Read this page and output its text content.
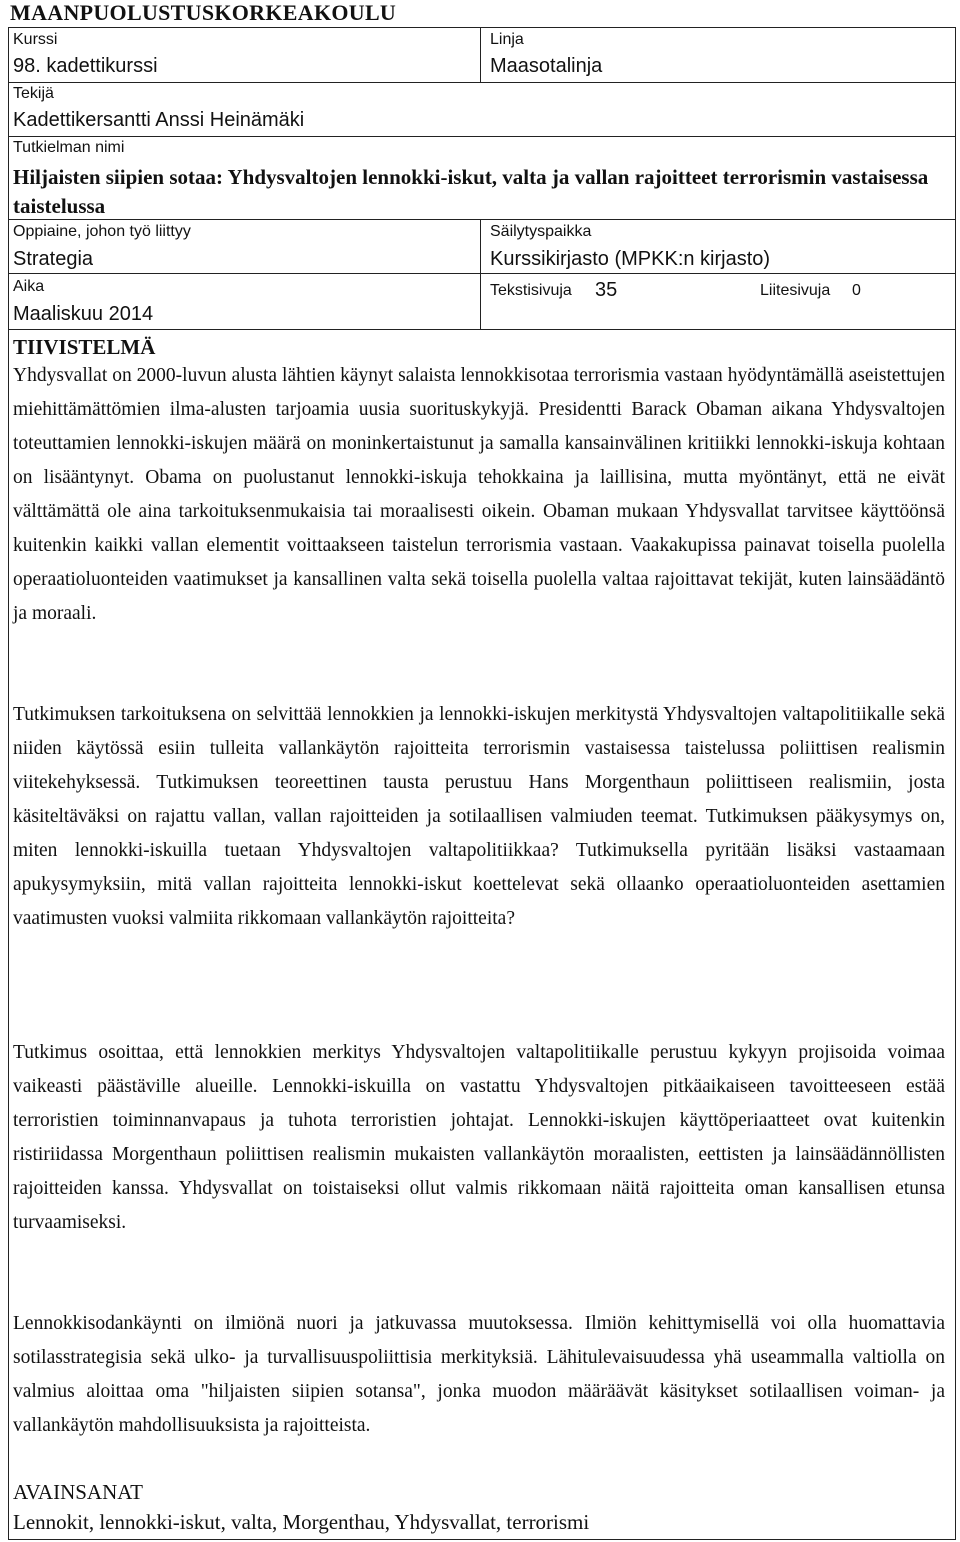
MAANPUOLUSTUSKORKEAKOULU
Kurssi
98. kadettikurssi
Linja
Maasotalinja
Tekijä
Kadettikersantti Anssi Heinämäki
Tutkielman nimi
Hiljaisten siipien sotaa: Yhdysvaltojen lennokki-iskut, valta ja vallan rajoitteet terrorismin vastaisessa taistelussa
Oppiaine, johon työ liittyy
Strategia
Säilytyspaikka
Kurssikirjasto (MPKK:n kirjasto)
Aika
Maaliskuu 2014
Tekstisivuja 35	Liitesivuja 0
TIIVISTELMÄ

Yhdysvallat on 2000-luvun alusta lähtien käynyt salaista lennokkisotaa terrorismia vastaan hyödyntämällä aseistettujen miehittämättömien ilma-alusten tarjoamia uusia suorituskykyjä. Presidentti Barack Obaman aikana Yhdysvaltojen toteuttamien lennokki-iskujen määrä on moninkertaistunut ja samalla kansainvälinen kritiikki lennokki-iskuja kohtaan on lisääntynyt. Obama on puolustanut lennokki-iskuja tehokkaina ja laillisina, mutta myöntänyt, että ne eivät välttämättä ole aina tarkoituksenmukaisia tai moraalisesti oikein. Obaman mukaan Yhdysvallat tarvitsee käyttöönsä kuitenkin kaikki vallan elementit voittaakseen taistelun terrorismia vastaan. Vaakakupissa painavat toisella puolella operaatioluonteiden vaatimukset ja kansallinen valta sekä toisella puolella valtaa rajoittavat tekijät, kuten lainsäädäntö ja moraali.

Tutkimuksen tarkoituksena on selvittää lennokkien ja lennokki-iskujen merkitystä Yhdysvaltojen valtapolitiikalle sekä niiden käytössä esiin tulleita vallankäytön rajoitteita terrorismin vastaisessa taistelussa poliittisen realismin viitekehyksessä. Tutkimuksen teoreettinen tausta perustuu Hans Morgenthaun poliittiseen realismiin, josta käsiteltäväksi on rajattu vallan, vallan rajoitteiden ja sotilaallisen valmiuden teemat. Tutkimuksen pääkysymys on, miten lennokki-iskuilla tuetaan Yhdysvaltojen valtapolitiikkaa? Tutkimuksella pyritään lisäksi vastaamaan apukysymyksiin, mitä vallan rajoitteita lennokki-iskut koettelevat sekä ollaanko operaatioluonteiden asettamien vaatimusten vuoksi valmiita rikkomaan vallankäytön rajoitteita?

Tutkimus osoittaa, että lennokkien merkitys Yhdysvaltojen valtapolitiikalle perustuu kykyyn projisoida voimaa vaikeasti päästäville alueille. Lennokki-iskuilla on vastattu Yhdysvaltojen pitkäaikaiseen tavoitteeseen estää terroristien toiminnanvapaus ja tuhota terroristien johtajat. Lennokki-iskujen käyttöperiaatteet ovat kuitenkin ristiriidassa Morgenthaun poliittisen realismin mukaisten vallankäytön moraalisten, eettisten ja lainsäädännöllisten rajoitteiden kanssa. Yhdysvallat on toistaiseksi ollut valmis rikkomaan näitä rajoitteita oman kansallisen etunsa turvaamiseksi.

Lennokkisodankäynti on ilmiönä nuori ja jatkuvassa muutoksessa. Ilmiön kehittymisellä voi olla huomattavia sotilasstrategisia sekä ulko- ja turvallisuuspoliittisia merkityksiä. Lähitulevaisuudessa yhä useammalla valtiolla on valmius aloittaa oma "hiljaisten siipien sotansa", jonka muodon määräävät käsitykset sotilaallisen voiman- ja vallankäytön mahdollisuuksista ja rajoitteista.

AVAINSANAT
Lennokit, lennokki-iskut, valta, Morgenthau, Yhdysvallat, terrorismi
